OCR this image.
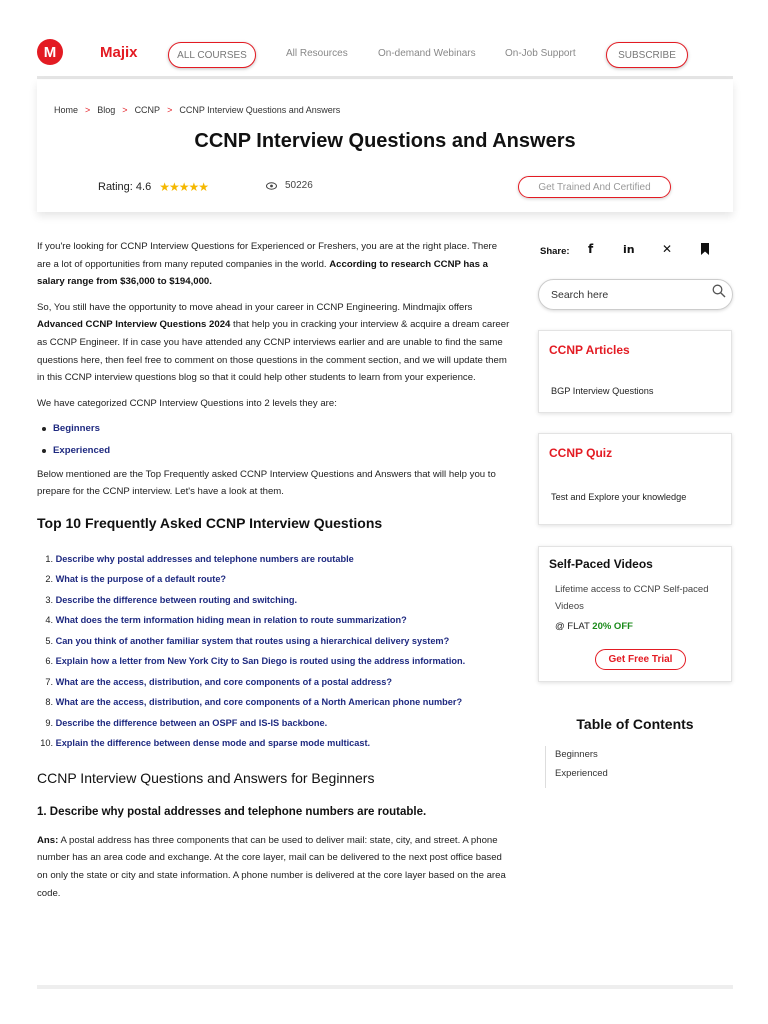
M	Majix	ALL COURSES	All Resources	On-demand Webinars	On-Job Support	SUBSCRIBE
Home > Blog > CCNP > CCNP Interview Questions and Answers
CCNP Interview Questions and Answers
Rating: 4.6 ★★★★★	50226	Get Trained And Certified

If you're looking for CCNP Interview Questions for Experienced or Freshers, you are at the right place. There are a lot of opportunities from many reputed companies in the world. According to research CCNP has a salary range from $36,000 to $194,000.

So, You still have the opportunity to move ahead in your career in CCNP Engineering. Mindmajix offers Advanced CCNP Interview Questions 2024 that help you in cracking your interview & acquire a dream career as CCNP Engineer. If in case you have attended any CCNP interviews earlier and are unable to find the same questions here, then feel free to comment on those questions in the comment section, and we will update them in this CCNP interview questions blog so that it could help other students to learn from your experience.

We have categorized CCNP Interview Questions into 2 levels they are:

Beginners
Experienced

Below mentioned are the Top Frequently asked CCNP Interview Questions and Answers that will help you to prepare for the CCNP interview. Let's have a look at them.

Top 10 Frequently Asked CCNP Interview Questions
1. Describe why postal addresses and telephone numbers are routable
2. What is the purpose of a default route?
3. Describe the difference between routing and switching.
4. What does the term information hiding mean in relation to route summarization?
5. Can you think of another familiar system that routes using a hierarchical delivery system?
6. Explain how a letter from New York City to San Diego is routed using the address information.
7. What are the access, distribution, and core components of a postal address?
8. What are the access, distribution, and core components of a North American phone number?
9. Describe the difference between an OSPF and IS-IS backbone.
10. Explain the difference between dense mode and sparse mode multicast.
CCNP Interview Questions and Answers for Beginners
1. Describe why postal addresses and telephone numbers are routable.

Ans: A postal address has three components that can be used to deliver mail: state, city, and street. A phone number has an area code and exchange. At the core layer, mail can be delivered to the next post office based on only the state or city and state information. A phone number is delivered at the core layer based on the area code.

Share: f	in ✕
Search here
CCNP Articles
BGP Interview Questions
CCNP Quiz
Test and Explore your knowledge
Self-Paced Videos
Lifetime access to CCNP Self-paced Videos
@ FLAT 20% OFF
Get Free Trial
Table of Contents
Beginners
Experienced
